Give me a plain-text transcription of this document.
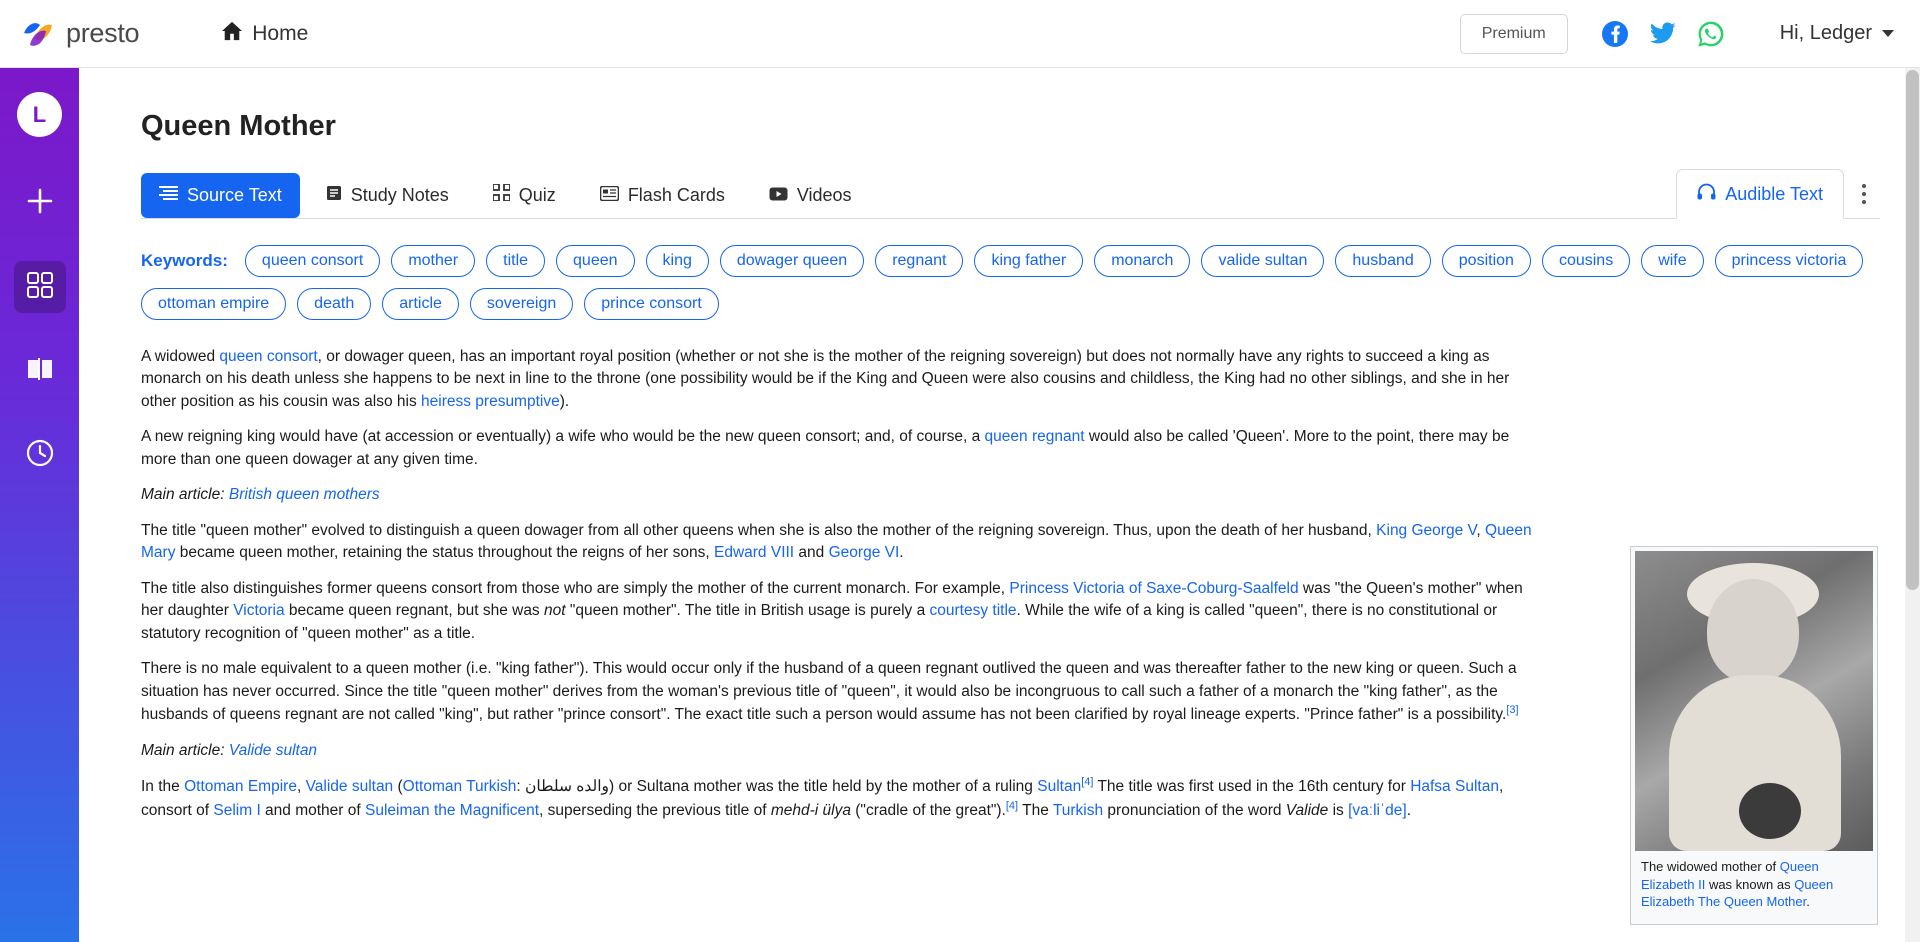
presto	Home	Premium	Hi, Ledger
L	Queen Mother
Source Text	Study Notes	Quiz	Flash Cards	Videos	Audible Text
Keywords:	queen consort	mother	title	queen	king	dowager queen	regnant	king father	monarch	valide sultan	husband	position	cousins	wife	princess victoria
ottoman empire	death	article	sovereign	prince consort

A widowed queen consort, or dowager queen, has an important royal position (whether or not she is the mother of the reigning sovereign) but does not normally have any rights to succeed a king as monarch on his death unless she happens to be next in line to the throne (one possibility would be if the King and Queen were also cousins and childless, the King had no other siblings, and she in her other position as his cousin was also his heiress presumptive).

A new reigning king would have (at accession or eventually) a wife who would be the new queen consort; and, of course, a queen regnant would also be called 'Queen'. More to the point, there may be more than one queen dowager at any given time.

Main article: British queen mothers

The title "queen mother" evolved to distinguish a queen dowager from all other queens when she is also the mother of the reigning sovereign. Thus, upon the death of her husband, King George V, Queen Mary became queen mother, retaining the status throughout the reigns of her sons, Edward VIII and George VI.

The title also distinguishes former queens consort from those who are simply the mother of the current monarch. For example, Princess Victoria of Saxe-Coburg-Saalfeld was "the Queen's mother" when her daughter Victoria became queen regnant, but she was not "queen mother". The title in British usage is purely a courtesy title. While the wife of a king is called "queen", there is no constitutional or statutory recognition of "queen mother" as a title.

There is no male equivalent to a queen mother (i.e. "king father"). This would occur only if the husband of a queen regnant outlived the queen and was thereafter father to the new king or queen. Such a situation has never occurred. Since the title "queen mother" derives from the woman's previous title of "queen", it would also be incongruous to call such a father of a monarch the "king father", as the husbands of queens regnant are not called "king", but rather "prince consort". The exact title such a person would assume has not been clarified by royal lineage experts. "Prince father" is a possibility.[3]

Main article: Valide sultan

In the Ottoman Empire, Valide sultan (Ottoman Turkish: والده سلطان) or Sultana mother was the title held by the mother of a ruling Sultan[4] The title was first used in the 16th century for Hafsa Sultan, consort of Selim I and mother of Suleiman the Magnificent, superseding the previous title of mehd-i ülya ("cradle of the great").[4] The Turkish pronunciation of the word Valide is [vaːliˈde].

The widowed mother of Queen Elizabeth II was known as Queen Elizabeth The Queen Mother.
